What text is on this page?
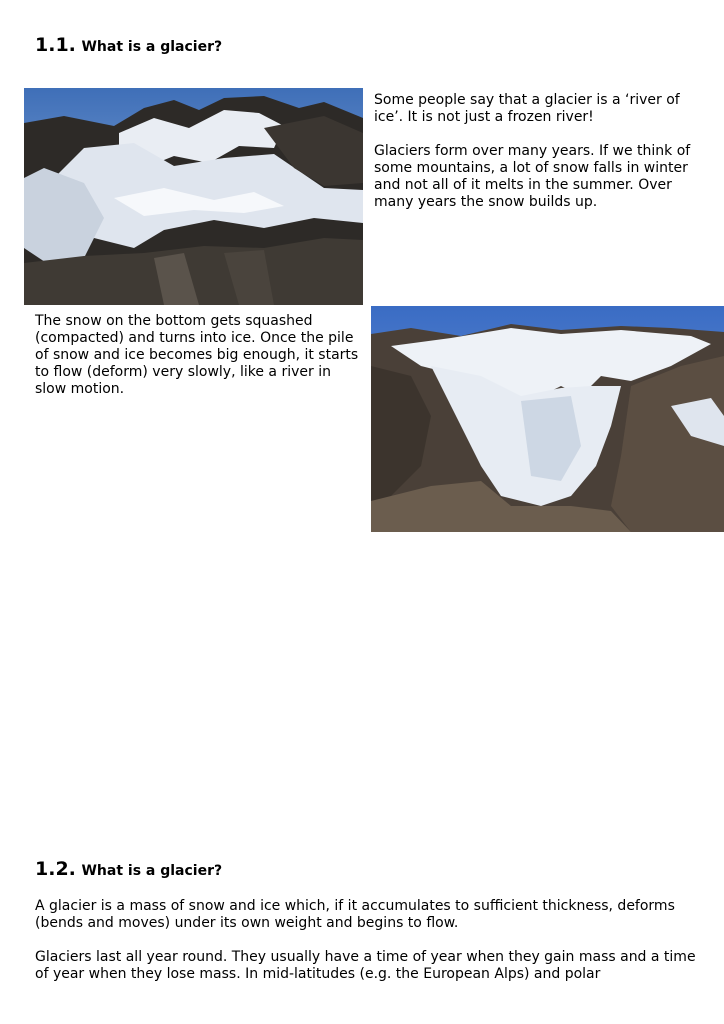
1.1. What is a glacier?

Some people say that a glacier is a ‘river of ice’. It is not just a frozen river!

Glaciers form over many years. If we think of some mountains, a lot of snow falls in winter and not all of it melts in the summer. Over many years the snow builds up.

The snow on the bottom gets squashed (compacted) and turns into ice. Once the pile of snow and ice becomes big enough, it starts to flow (deform) very slowly, like a river in slow motion.

1.2. What is a glacier?

A glacier is a mass of snow and ice which, if it accumulates to sufficient thickness, deforms (bends and moves) under its own weight and begins to flow.

Glaciers last all year round. They usually have a time of year when they gain mass and a time of year when they lose mass. In mid-latitudes (e.g. the European Alps) and polar
